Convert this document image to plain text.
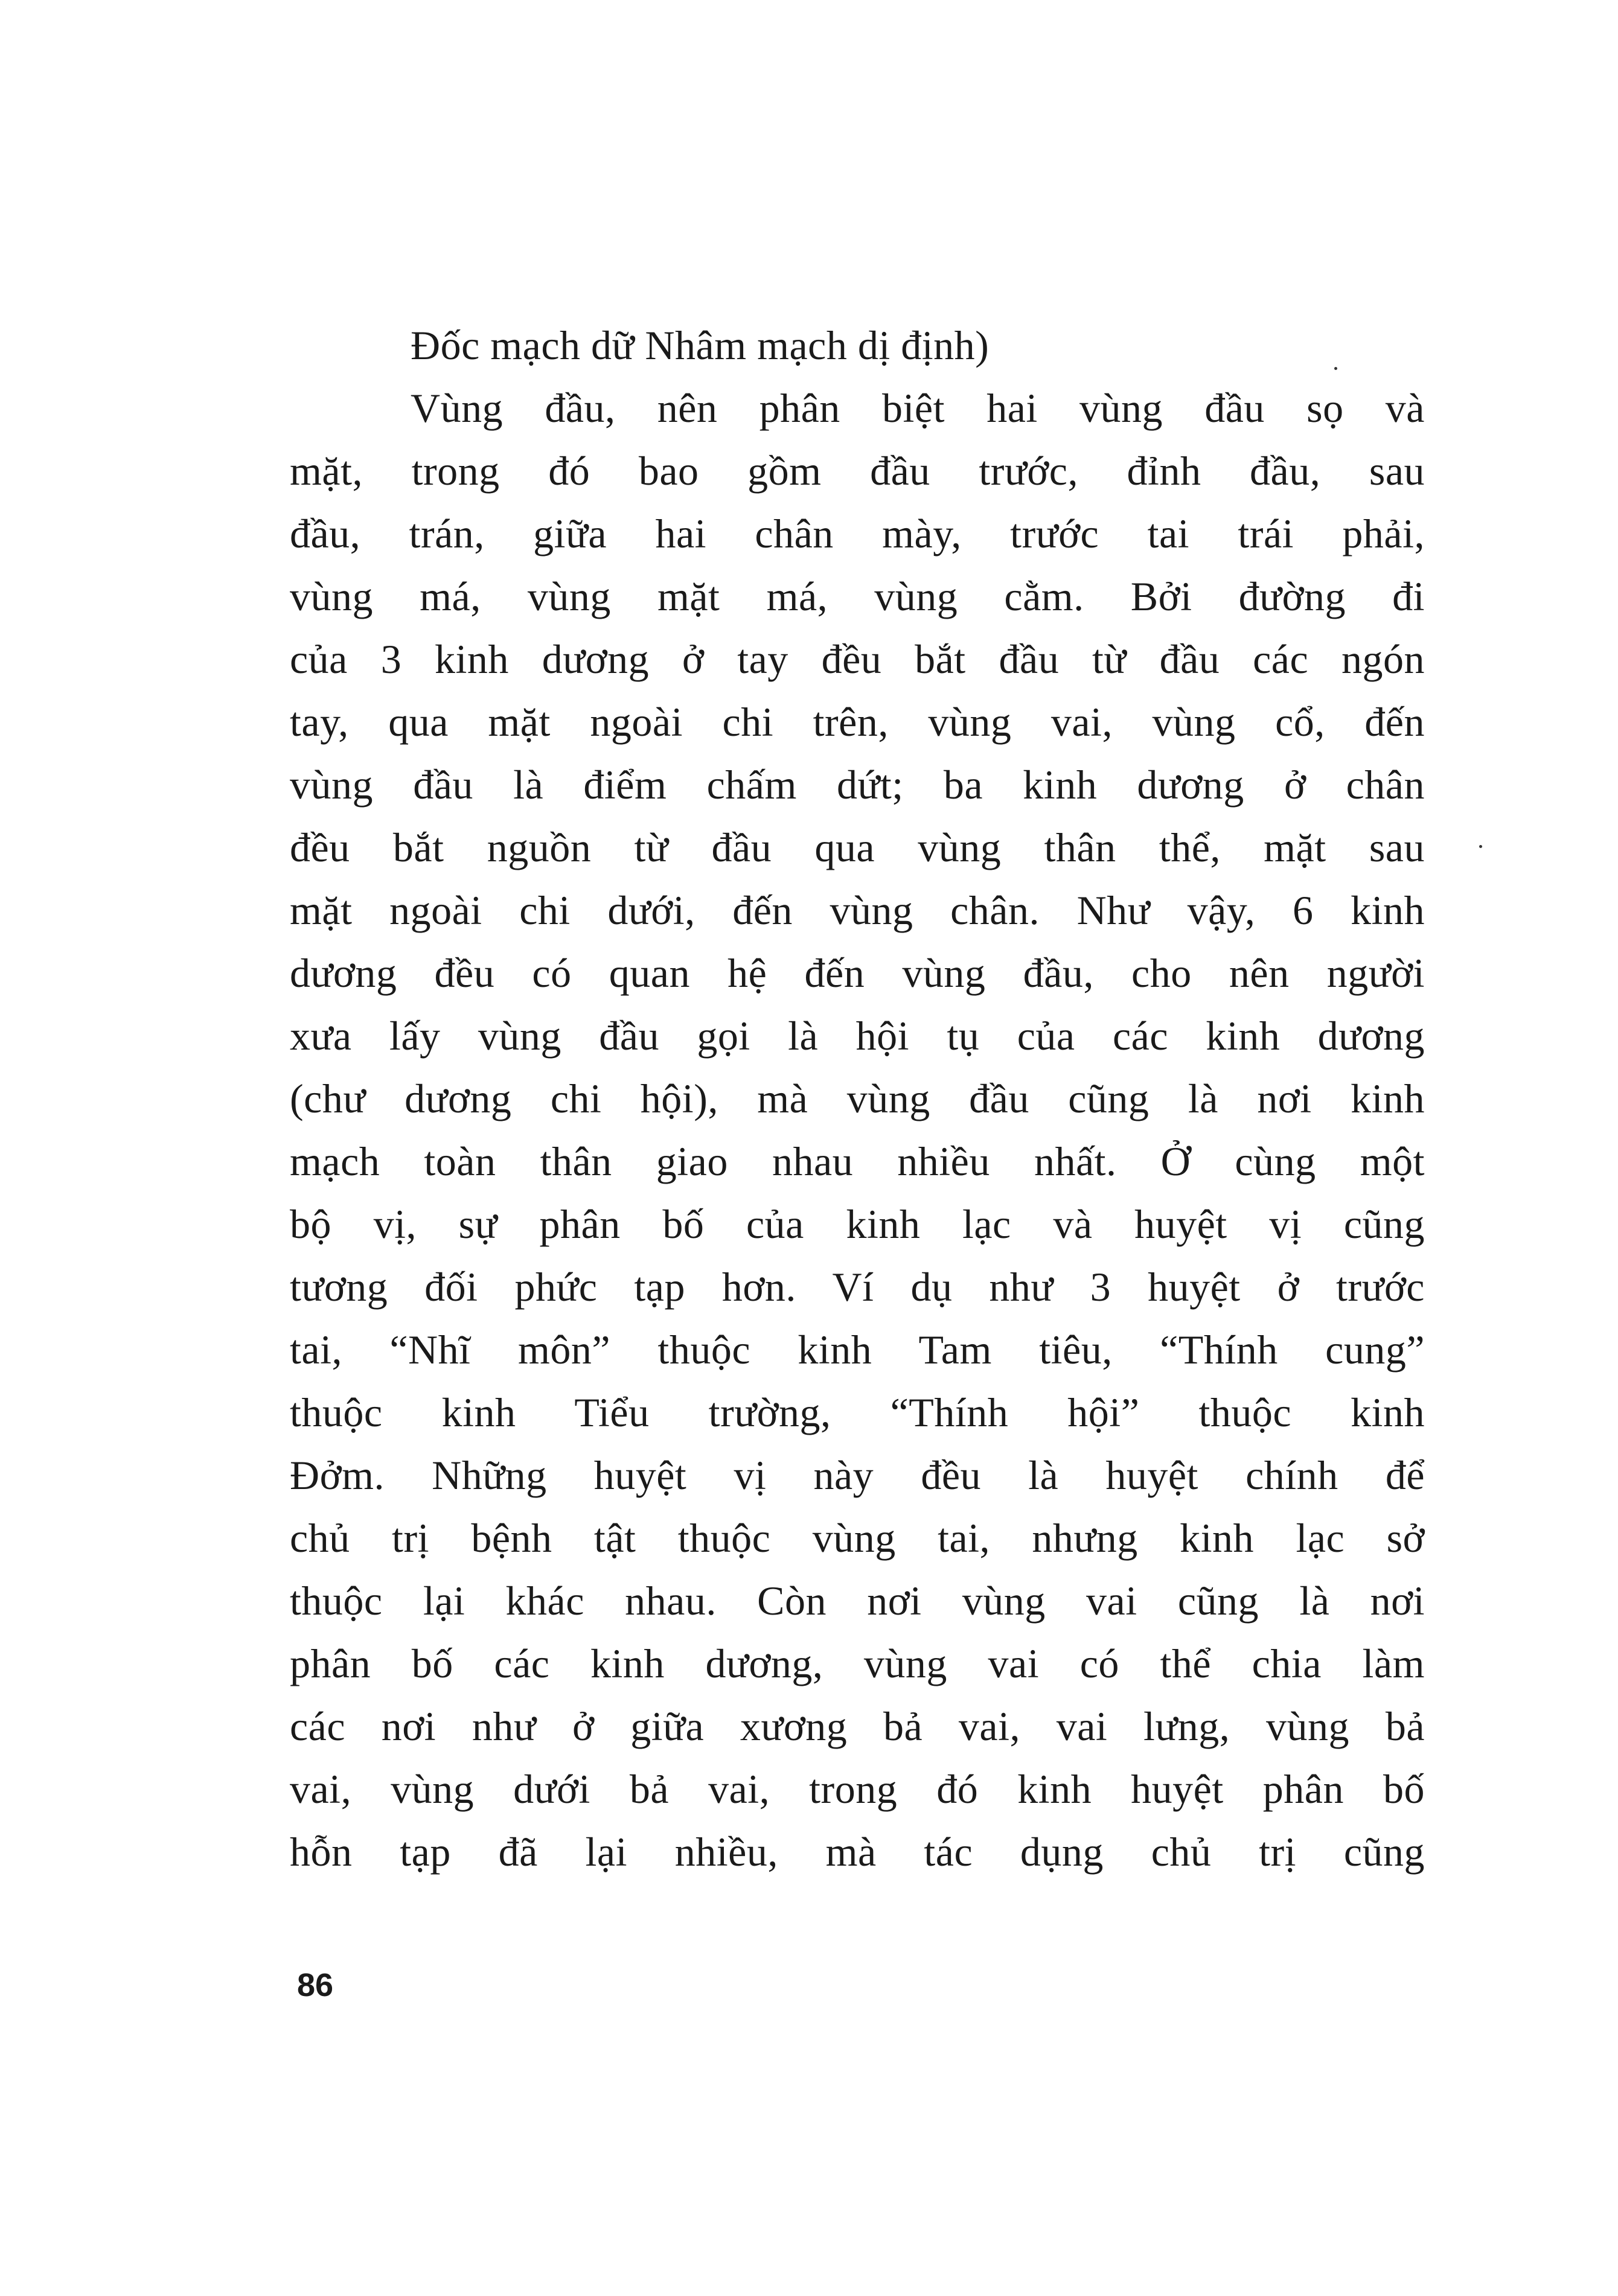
Đốc mạch dữ Nhâm mạch dị định)
Vùng đầu, nên phân biệt hai vùng đầu sọ và
mặt, trong đó bao gồm đầu trước, đỉnh đầu, sau
đầu, trán, giữa hai chân mày, trước tai trái phải,
vùng má, vùng mặt má, vùng cằm. Bởi đường đi
của 3 kinh dương ở tay đều bắt đầu từ đầu các ngón
tay, qua mặt ngoài chi trên, vùng vai, vùng cổ, đến
vùng đầu là điểm chấm dứt; ba kinh dương ở chân
đều bắt nguồn từ đầu qua vùng thân thể, mặt sau
mặt ngoài chi dưới, đến vùng chân. Như vậy, 6 kinh
dương đều có quan hệ đến vùng đầu, cho nên người
xưa lấy vùng đầu gọi là hội tụ của các kinh dương
(chư dương chi hội), mà vùng đầu cũng là nơi kinh
mạch toàn thân giao nhau nhiều nhất. Ở cùng một
bộ vị, sự phân bố của kinh lạc và huyệt vị cũng
tương đối phức tạp hơn. Ví dụ như 3 huyệt ở trước
tai, “Nhĩ môn” thuộc kinh Tam tiêu, “Thính cung”
thuộc kinh Tiểu trường, “Thính hội” thuộc kinh
Đởm. Những huyệt vị này đều là huyệt chính để
chủ trị bệnh tật thuộc vùng tai, nhưng kinh lạc sở
thuộc lại khác nhau. Còn nơi vùng vai cũng là nơi
phân bố các kinh dương, vùng vai có thể chia làm
các nơi như ở giữa xương bả vai, vai lưng, vùng bả
vai, vùng dưới bả vai, trong đó kinh huyệt phân bố
hỗn tạp đã lại nhiều, mà tác dụng chủ trị cũng
86
